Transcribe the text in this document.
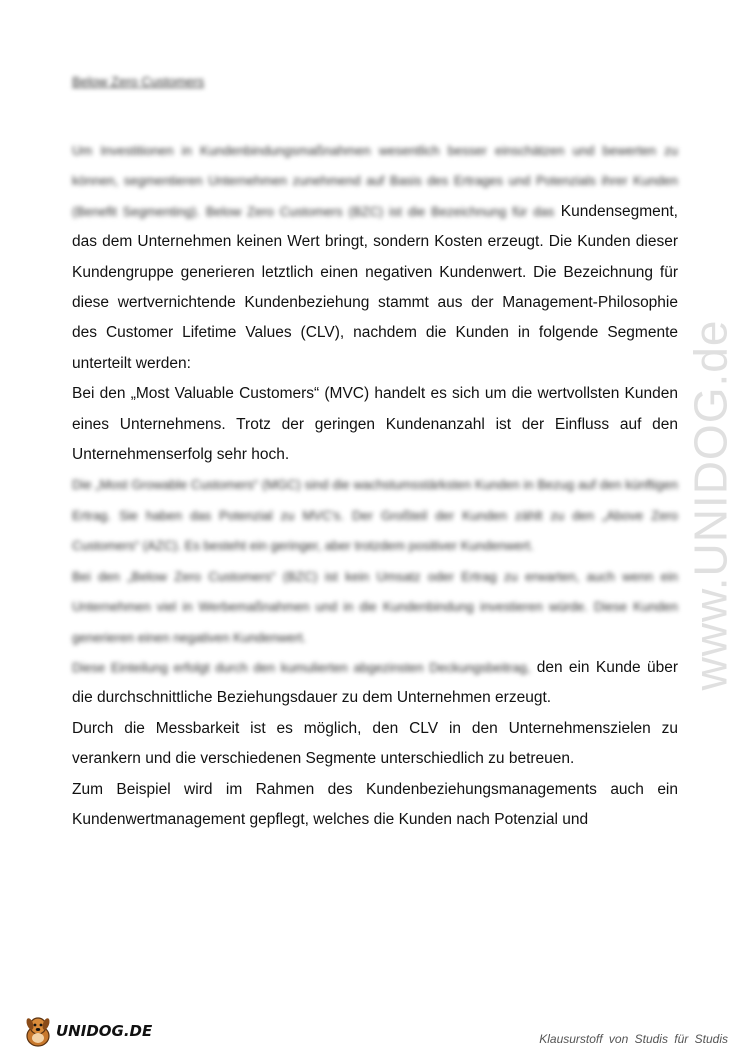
www.UNIDOG.de
Below Zero Customers

Um Investitionen in Kundenbindungsmaßnahmen wesentlich besser einschätzen und bewerten zu können, segmentieren Unternehmen zunehmend auf Basis des Ertrages und Potenzials ihrer Kunden (Benefit Segmenting). Below Zero Customers (BZC) ist die Bezeichnung für das Kundensegment, das dem Unternehmen keinen Wert bringt, sondern Kosten erzeugt. Die Kunden dieser Kundengruppe generieren letztlich einen negativen Kundenwert. Die Bezeichnung für diese wertvernichtende Kundenbeziehung stammt aus der Management-Philosophie des Customer Lifetime Values (CLV), nachdem die Kunden in folgende Segmente unterteilt werden:

Bei den „Most Valuable Customers“ (MVC) handelt es sich um die wertvollsten Kunden eines Unternehmens. Trotz der geringen Kundenanzahl ist der Einfluss auf den Unternehmenserfolg sehr hoch.

Die „Most Growable Customers“ (MGC) sind die wachstumsstärksten Kunden in Bezug auf den künftigen Ertrag. Sie haben das Potenzial zu MVC's. Der Großteil der Kunden zählt zu den „Above Zero Customers“ (AZC). Es besteht ein geringer, aber trotzdem positiver Kundenwert.

Bei den „Below Zero Customers“ (BZC) ist kein Umsatz oder Ertrag zu erwarten, auch wenn ein Unternehmen viel in Werbemaßnahmen und in die Kundenbindung investieren würde. Diese Kunden generieren einen negativen Kundenwert.

Diese Einteilung erfolgt durch den kumulierten abgezinsten Deckungsbeitrag, den ein Kunde über die durchschnittliche Beziehungsdauer zu dem Unternehmen erzeugt.

Durch die Messbarkeit ist es möglich, den CLV in den Unternehmenszielen zu verankern und die verschiedenen Segmente unterschiedlich zu betreuen.

Zum Beispiel wird im Rahmen des Kundenbeziehungsmanagements auch ein Kundenwertmanagement gepflegt, welches die Kunden nach Potenzial und

UNIDOG.DE	Klausurstoff von Studis für Studis
